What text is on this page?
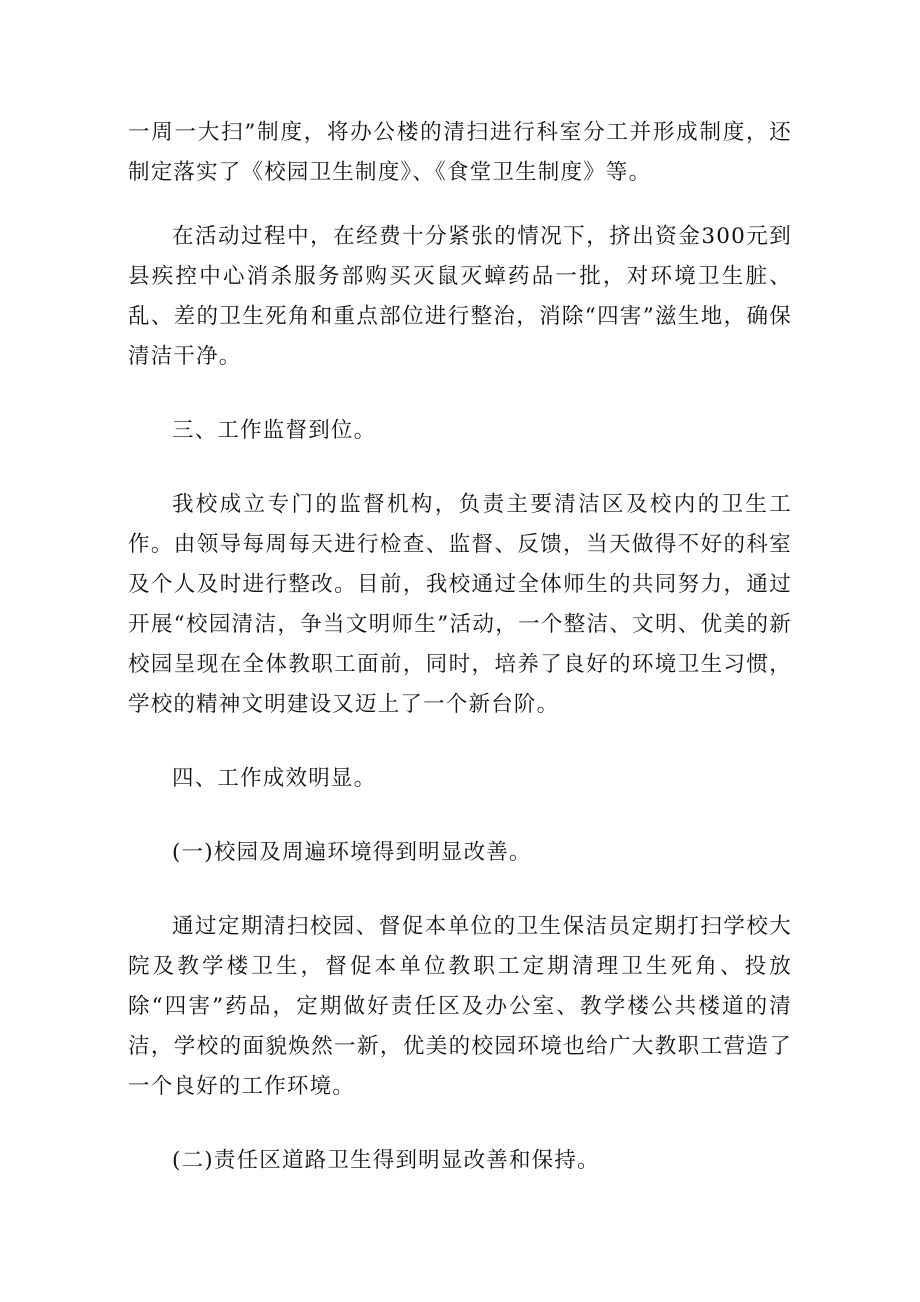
一周一大扫”制度，将办公楼的清扫进行科室分工并形成制度，还制定落实了《校园卫生制度》、《食堂卫生制度》等。

在活动过程中，在经费十分紧张的情况下，挤出资金300元到县疾控中心消杀服务部购买灭鼠灭蟑药品一批，对环境卫生脏、乱、差的卫生死角和重点部位进行整治，消除“四害”滋生地，确保清洁干净。

三、工作监督到位。

我校成立专门的监督机构，负责主要清洁区及校内的卫生工作。由领导每周每天进行检查、监督、反馈，当天做得不好的科室及个人及时进行整改。目前，我校通过全体师生的共同努力，通过开展“校园清洁，争当文明师生”活动，一个整洁、文明、优美的新校园呈现在全体教职工面前，同时，培养了良好的环境卫生习惯，学校的精神文明建设又迈上了一个新台阶。

四、工作成效明显。

(一)校园及周遍环境得到明显改善。

通过定期清扫校园、督促本单位的卫生保洁员定期打扫学校大院及教学楼卫生，督促本单位教职工定期清理卫生死角、投放除“四害”药品，定期做好责任区及办公室、教学楼公共楼道的清洁，学校的面貌焕然一新，优美的校园环境也给广大教职工营造了一个良好的工作环境。

(二)责任区道路卫生得到明显改善和保持。
